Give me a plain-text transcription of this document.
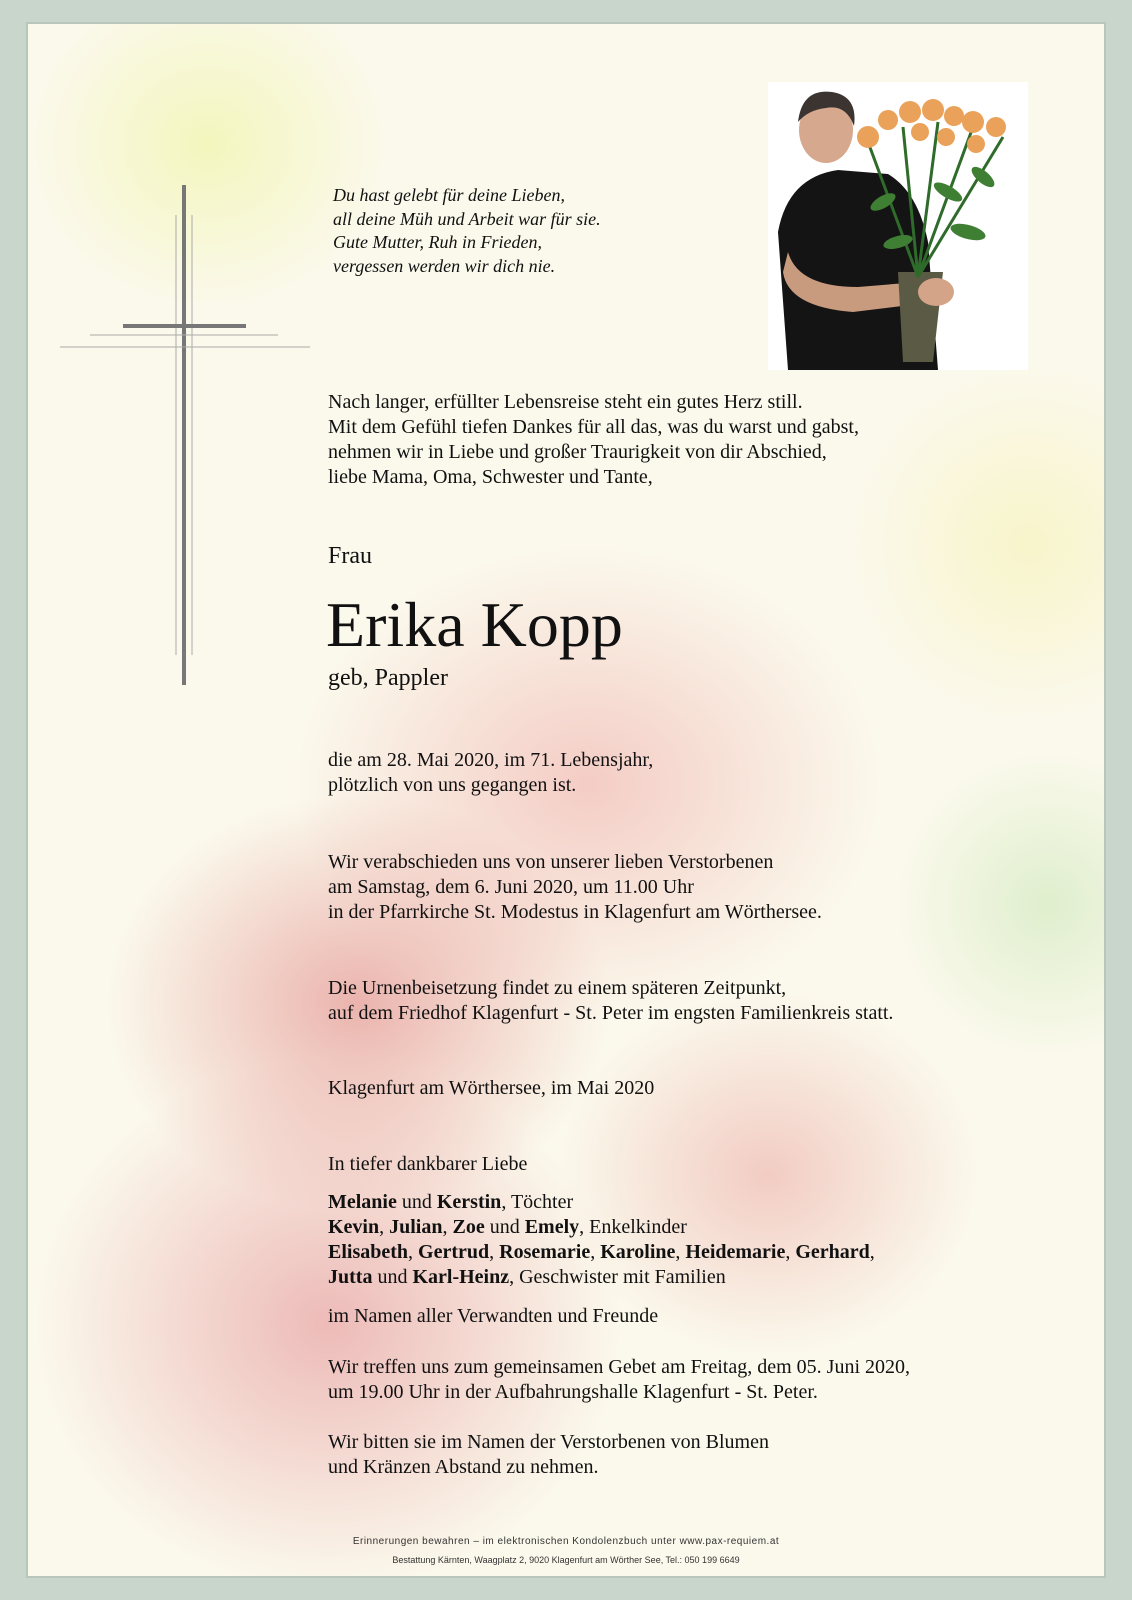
Du hast gelebt für deine Lieben,
all deine Müh und Arbeit war für sie.
Gute Mutter, Ruh in Frieden,
vergessen werden wir dich nie.
Nach langer, erfüllter Lebensreise steht ein gutes Herz still.
Mit dem Gefühl tiefen Dankes für all das, was du warst und gabst,
nehmen wir in Liebe und großer Traurigkeit von dir Abschied,
liebe Mama, Oma, Schwester und Tante,
Frau
Erika Kopp
geb, Pappler
die am 28. Mai 2020, im 71. Lebensjahr,
plötzlich von uns gegangen ist.
Wir verabschieden uns von unserer lieben Verstorbenen
am Samstag, dem 6. Juni 2020, um 11.00 Uhr
in der Pfarrkirche St. Modestus in Klagenfurt am Wörthersee.
Die Urnenbeisetzung findet zu einem späteren Zeitpunkt,
auf dem Friedhof Klagenfurt - St. Peter im engsten Familienkreis statt.
Klagenfurt am Wörthersee, im Mai 2020
In tiefer dankbarer Liebe
Melanie und Kerstin, Töchter
Kevin, Julian, Zoe und Emely, Enkelkinder
Elisabeth, Gertrud, Rosemarie, Karoline, Heidemarie, Gerhard,
Jutta und Karl-Heinz, Geschwister mit Familien
im Namen aller Verwandten und Freunde
Wir treffen uns zum gemeinsamen Gebet am Freitag, dem 05. Juni 2020,
um 19.00 Uhr in der Aufbahrungshalle Klagenfurt - St. Peter.
Wir bitten sie im Namen der Verstorbenen von Blumen
und Kränzen Abstand zu nehmen.
Erinnerungen bewahren – im elektronischen Kondolenzbuch unter www.pax-requiem.at
Bestattung Kärnten, Waagplatz 2, 9020 Klagenfurt am Wörther See, Tel.: 050 199 6649
